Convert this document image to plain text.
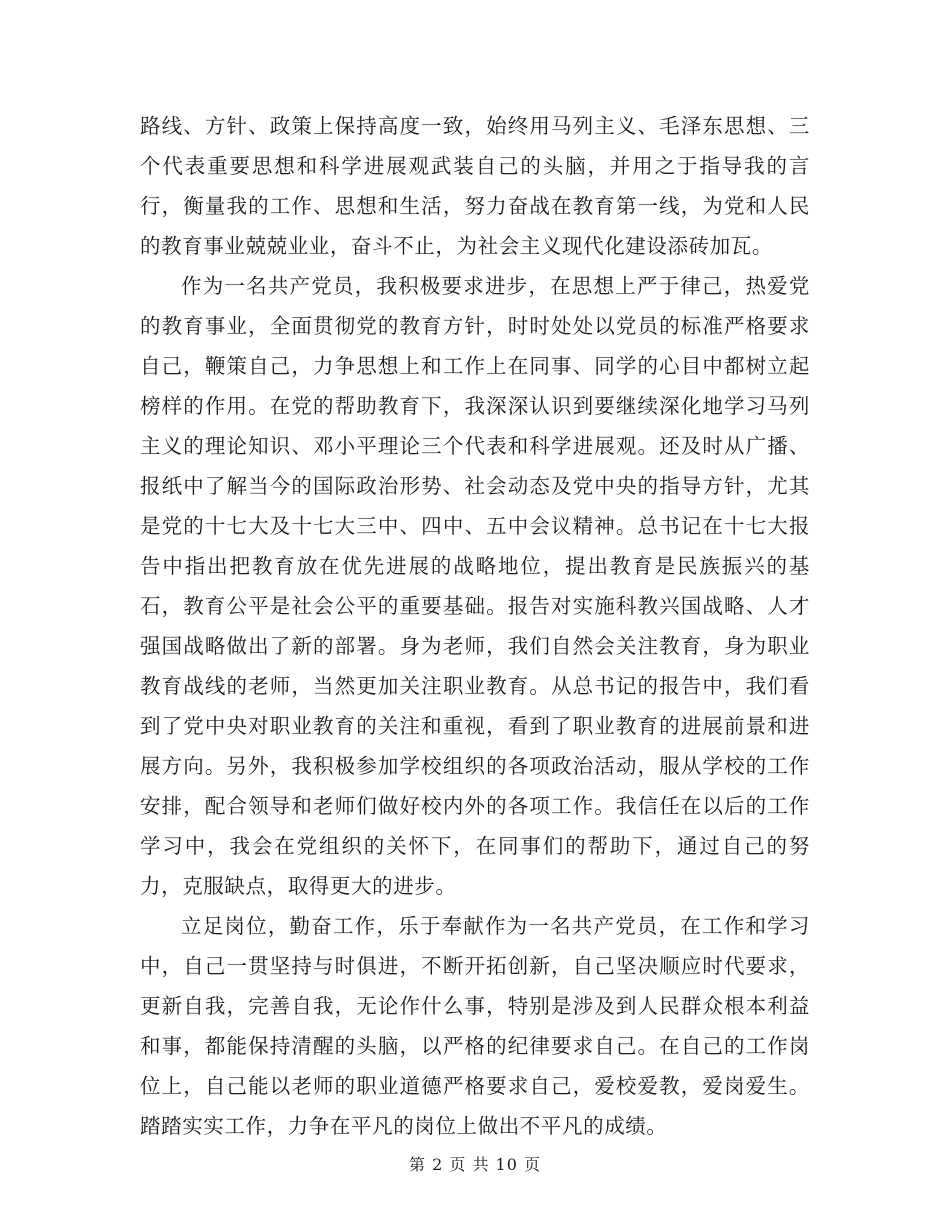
路线、方针、政策上保持高度一致，始终用马列主义、毛泽东思想、三个代表重要思想和科学进展观武装自己的头脑，并用之于指导我的言行，衡量我的工作、思想和生活，努力奋战在教育第一线，为党和人民的教育事业兢兢业业，奋斗不止，为社会主义现代化建设添砖加瓦。

作为一名共产党员，我积极要求进步，在思想上严于律己，热爱党的教育事业，全面贯彻党的教育方针，时时处处以党员的标准严格要求自己，鞭策自己，力争思想上和工作上在同事、同学的心目中都树立起榜样的作用。在党的帮助教育下，我深深认识到要继续深化地学习马列主义的理论知识、邓小平理论三个代表和科学进展观。还及时从广播、报纸中了解当今的国际政治形势、社会动态及党中央的指导方针，尤其是党的十七大及十七大三中、四中、五中会议精神。总书记在十七大报告中指出把教育放在优先进展的战略地位，提出教育是民族振兴的基石，教育公平是社会公平的重要基础。报告对实施科教兴国战略、人才强国战略做出了新的部署。身为老师，我们自然会关注教育，身为职业教育战线的老师，当然更加关注职业教育。从总书记的报告中，我们看到了党中央对职业教育的关注和重视，看到了职业教育的进展前景和进展方向。另外，我积极参加学校组织的各项政治活动，服从学校的工作安排，配合领导和老师们做好校内外的各项工作。我信任在以后的工作学习中，我会在党组织的关怀下，在同事们的帮助下，通过自己的努力，克服缺点，取得更大的进步。

立足岗位，勤奋工作，乐于奉献作为一名共产党员，在工作和学习中，自己一贯坚持与时俱进，不断开拓创新，自己坚决顺应时代要求，更新自我，完善自我，无论作什么事，特别是涉及到人民群众根本利益和事，都能保持清醒的头脑，以严格的纪律要求自己。在自己的工作岗位上，自己能以老师的职业道德严格要求自己，爱校爱教，爱岗爱生。踏踏实实工作，力争在平凡的岗位上做出不平凡的成绩。

第 2 页 共 10 页
